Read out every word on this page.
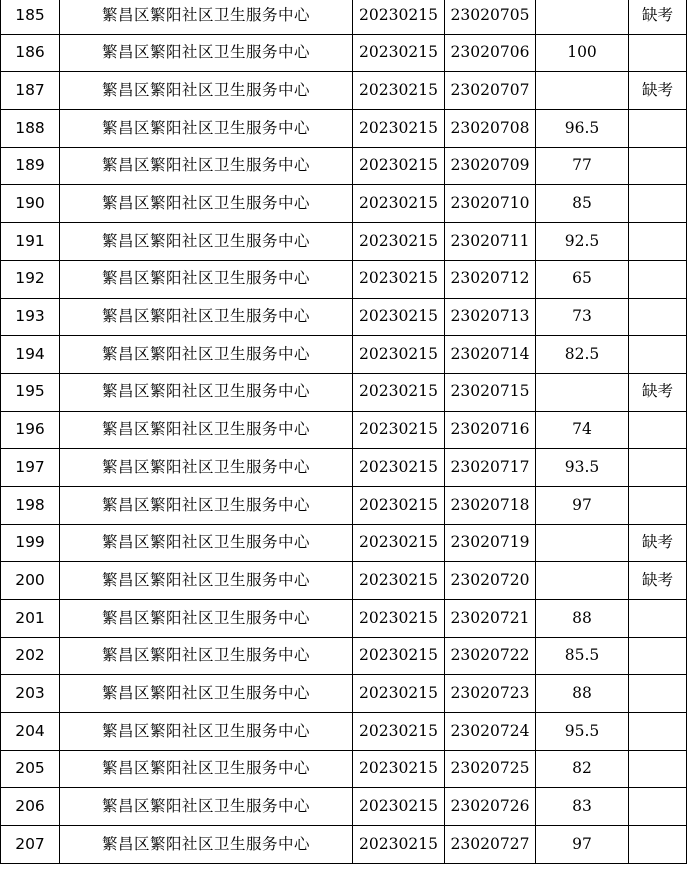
185	繁昌区繁阳社区卫生服务中心	20230215	23020705		缺考
186	繁昌区繁阳社区卫生服务中心	20230215	23020706	100	
187	繁昌区繁阳社区卫生服务中心	20230215	23020707		缺考
188	繁昌区繁阳社区卫生服务中心	20230215	23020708	96.5	
189	繁昌区繁阳社区卫生服务中心	20230215	23020709	77	
190	繁昌区繁阳社区卫生服务中心	20230215	23020710	85	
191	繁昌区繁阳社区卫生服务中心	20230215	23020711	92.5	
192	繁昌区繁阳社区卫生服务中心	20230215	23020712	65	
193	繁昌区繁阳社区卫生服务中心	20230215	23020713	73	
194	繁昌区繁阳社区卫生服务中心	20230215	23020714	82.5	
195	繁昌区繁阳社区卫生服务中心	20230215	23020715		缺考
196	繁昌区繁阳社区卫生服务中心	20230215	23020716	74	
197	繁昌区繁阳社区卫生服务中心	20230215	23020717	93.5	
198	繁昌区繁阳社区卫生服务中心	20230215	23020718	97	
199	繁昌区繁阳社区卫生服务中心	20230215	23020719		缺考
200	繁昌区繁阳社区卫生服务中心	20230215	23020720		缺考
201	繁昌区繁阳社区卫生服务中心	20230215	23020721	88	
202	繁昌区繁阳社区卫生服务中心	20230215	23020722	85.5	
203	繁昌区繁阳社区卫生服务中心	20230215	23020723	88	
204	繁昌区繁阳社区卫生服务中心	20230215	23020724	95.5	
205	繁昌区繁阳社区卫生服务中心	20230215	23020725	82	
206	繁昌区繁阳社区卫生服务中心	20230215	23020726	83	
207	繁昌区繁阳社区卫生服务中心	20230215	23020727	97	
